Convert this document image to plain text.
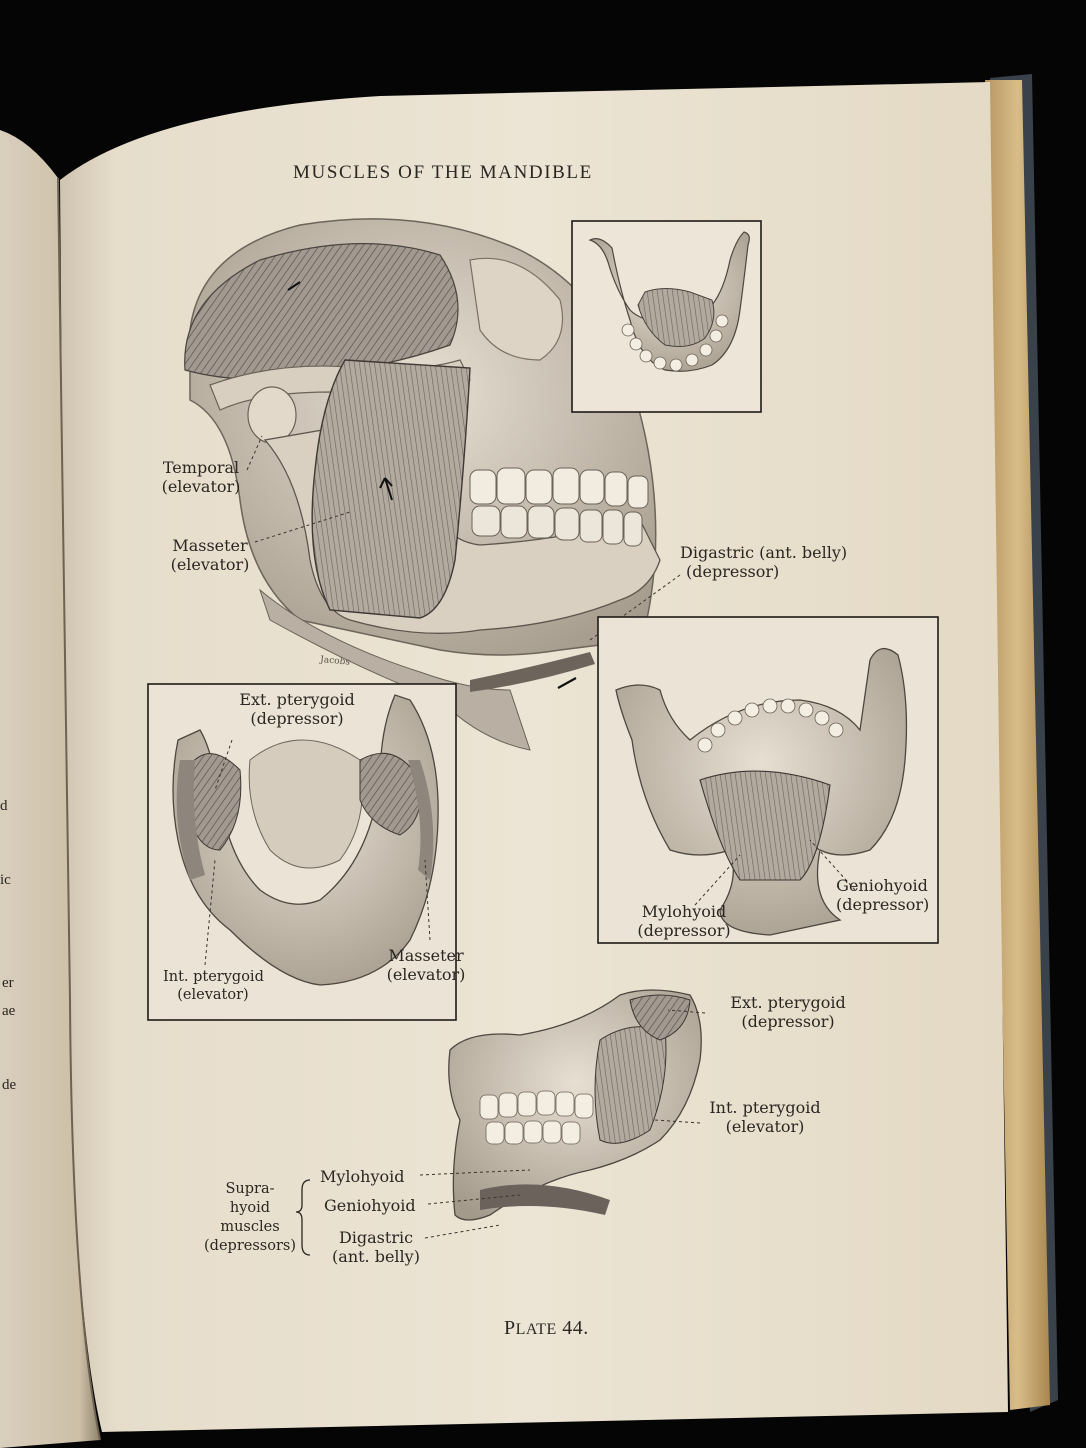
Jacobs
d
ic
er
ae
de
MUSCLES OF THE MANDIBLE
Temporal
(elevator)
Masseter
(elevator)
Digastric (ant. belly)
(depressor)
Ext. pterygoid
(depressor)
Int. pterygoid
(elevator)
Masseter
(elevator)
Mylohyoid
(depressor)
Geniohyoid
(depressor)
Ext. pterygoid
(depressor)
Int. pterygoid
(elevator)
Supra-
hyoid
muscles
(depressors)
Mylohyoid
Geniohyoid
Digastric
(ant. belly)
PLATE 44.
